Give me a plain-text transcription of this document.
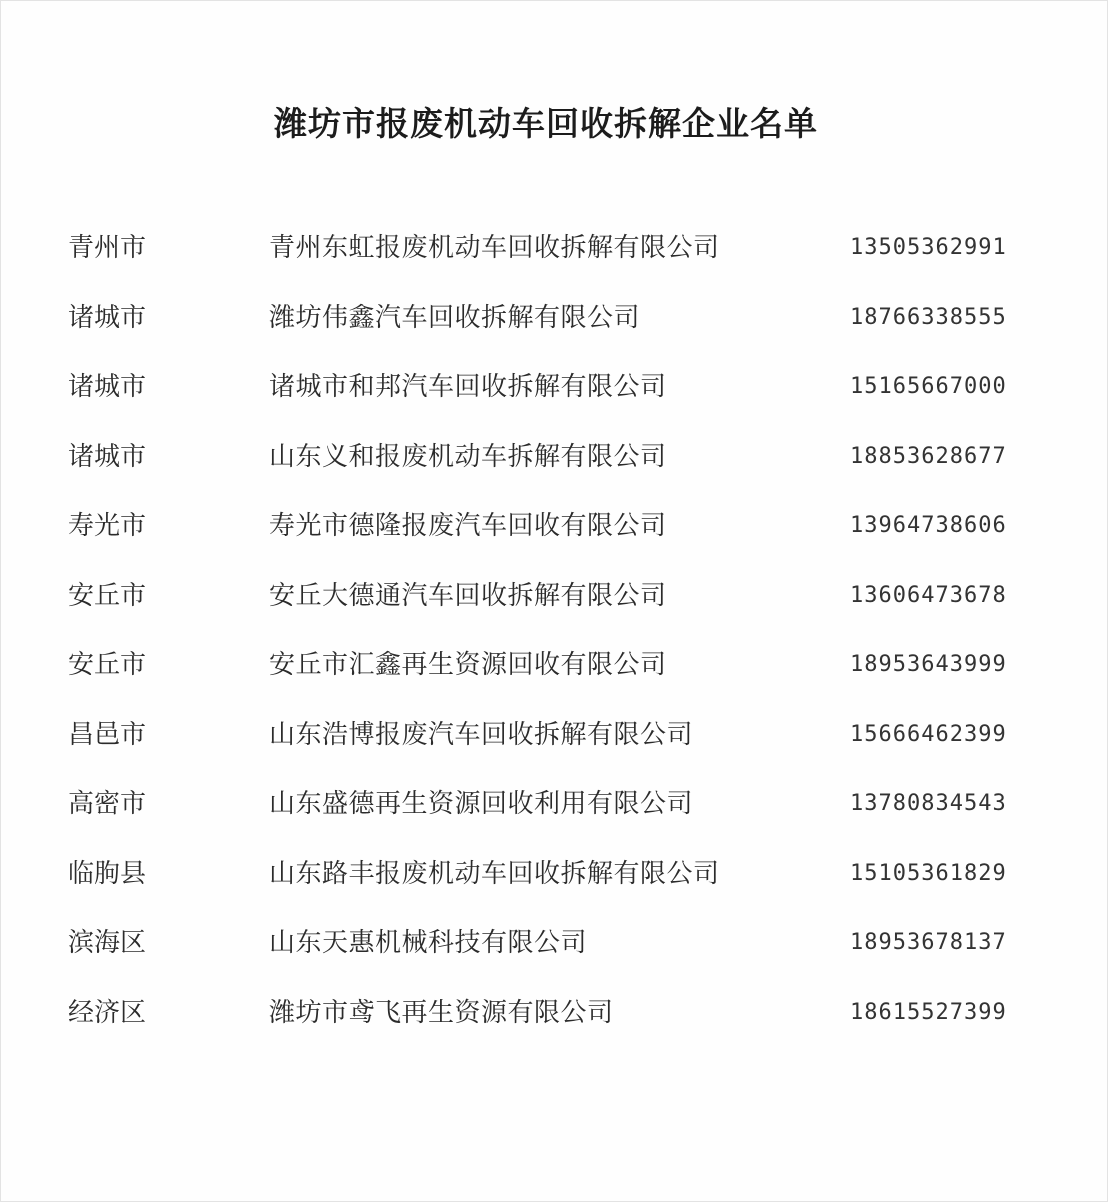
潍坊市报废机动车回收拆解企业名单
青州市	青州东虹报废机动车回收拆解有限公司	13505362991
诸城市	潍坊伟鑫汽车回收拆解有限公司	18766338555
诸城市	诸城市和邦汽车回收拆解有限公司	15165667000
诸城市	山东义和报废机动车拆解有限公司	18853628677
寿光市	寿光市德隆报废汽车回收有限公司	13964738606
安丘市	安丘大德通汽车回收拆解有限公司	13606473678
安丘市	安丘市汇鑫再生资源回收有限公司	18953643999
昌邑市	山东浩博报废汽车回收拆解有限公司	15666462399
高密市	山东盛德再生资源回收利用有限公司	13780834543
临朐县	山东路丰报废机动车回收拆解有限公司	15105361829
滨海区	山东天惠机械科技有限公司	18953678137
经济区	潍坊市鸢飞再生资源有限公司	18615527399
